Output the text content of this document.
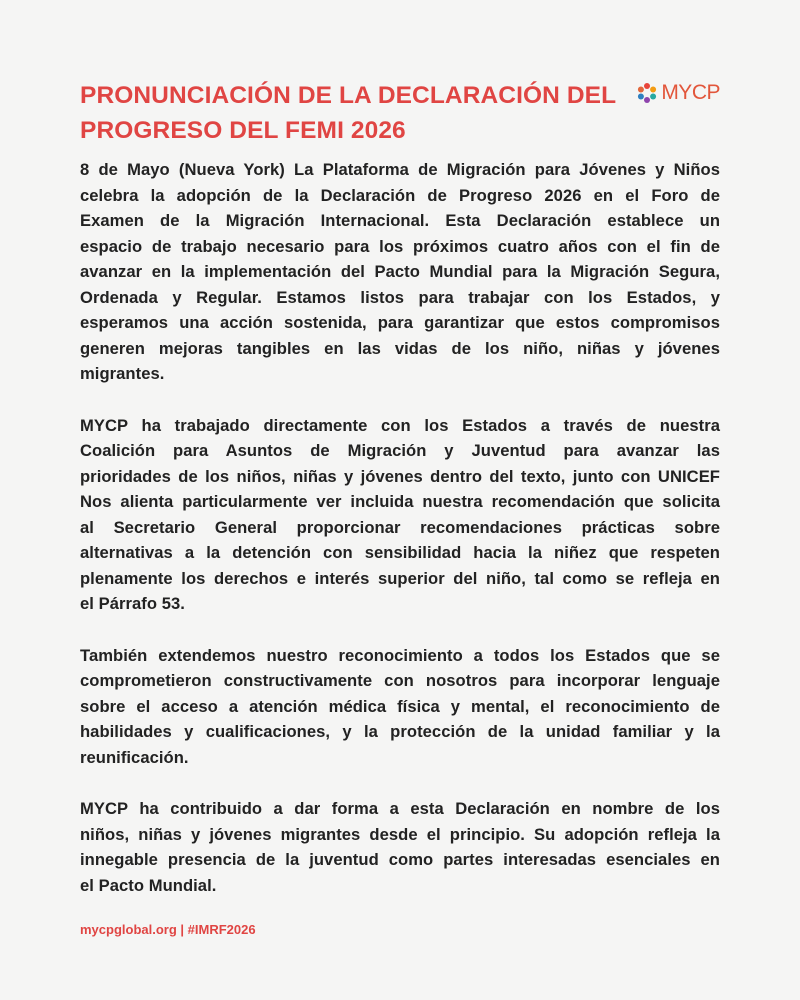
PRONUNCIACIÓN DE LA DECLARACIÓN DEL
PROGRESO DEL FEMI 2026
MYCP

8 de Mayo (Nueva York) La Plataforma de Migración para Jóvenes y Niños
celebra la adopción de la Declaración de Progreso 2026 en el Foro de
Examen de la Migración Internacional. Esta Declaración establece un
espacio de trabajo necesario para los próximos cuatro años con el fin de
avanzar en la implementación del Pacto Mundial para la Migración Segura,
Ordenada y Regular. Estamos listos para trabajar con los Estados, y
esperamos una acción sostenida, para garantizar que estos compromisos
generen mejoras tangibles en las vidas de los niño, niñas y jóvenes
migrantes.

MYCP ha trabajado directamente con los Estados a través de nuestra
Coalición para Asuntos de Migración y Juventud para avanzar las
prioridades de los niños, niñas y jóvenes dentro del texto, junto con UNICEF
Nos alienta particularmente ver incluida nuestra recomendación que solicita
al Secretario General proporcionar recomendaciones prácticas sobre
alternativas a la detención con sensibilidad hacia la niñez que respeten
plenamente los derechos e interés superior del niño, tal como se refleja en
el Párrafo 53.

También extendemos nuestro reconocimiento a todos los Estados que se
comprometieron constructivamente con nosotros para incorporar lenguaje
sobre el acceso a atención médica física y mental, el reconocimiento de
habilidades y cualificaciones, y la protección de la unidad familiar y la
reunificación.

MYCP ha contribuido a dar forma a esta Declaración en nombre de los
niños, niñas y jóvenes migrantes desde el principio. Su adopción refleja la
innegable presencia de la juventud como partes interesadas esenciales en
el Pacto Mundial.

mycpglobal.org | #IMRF2026
